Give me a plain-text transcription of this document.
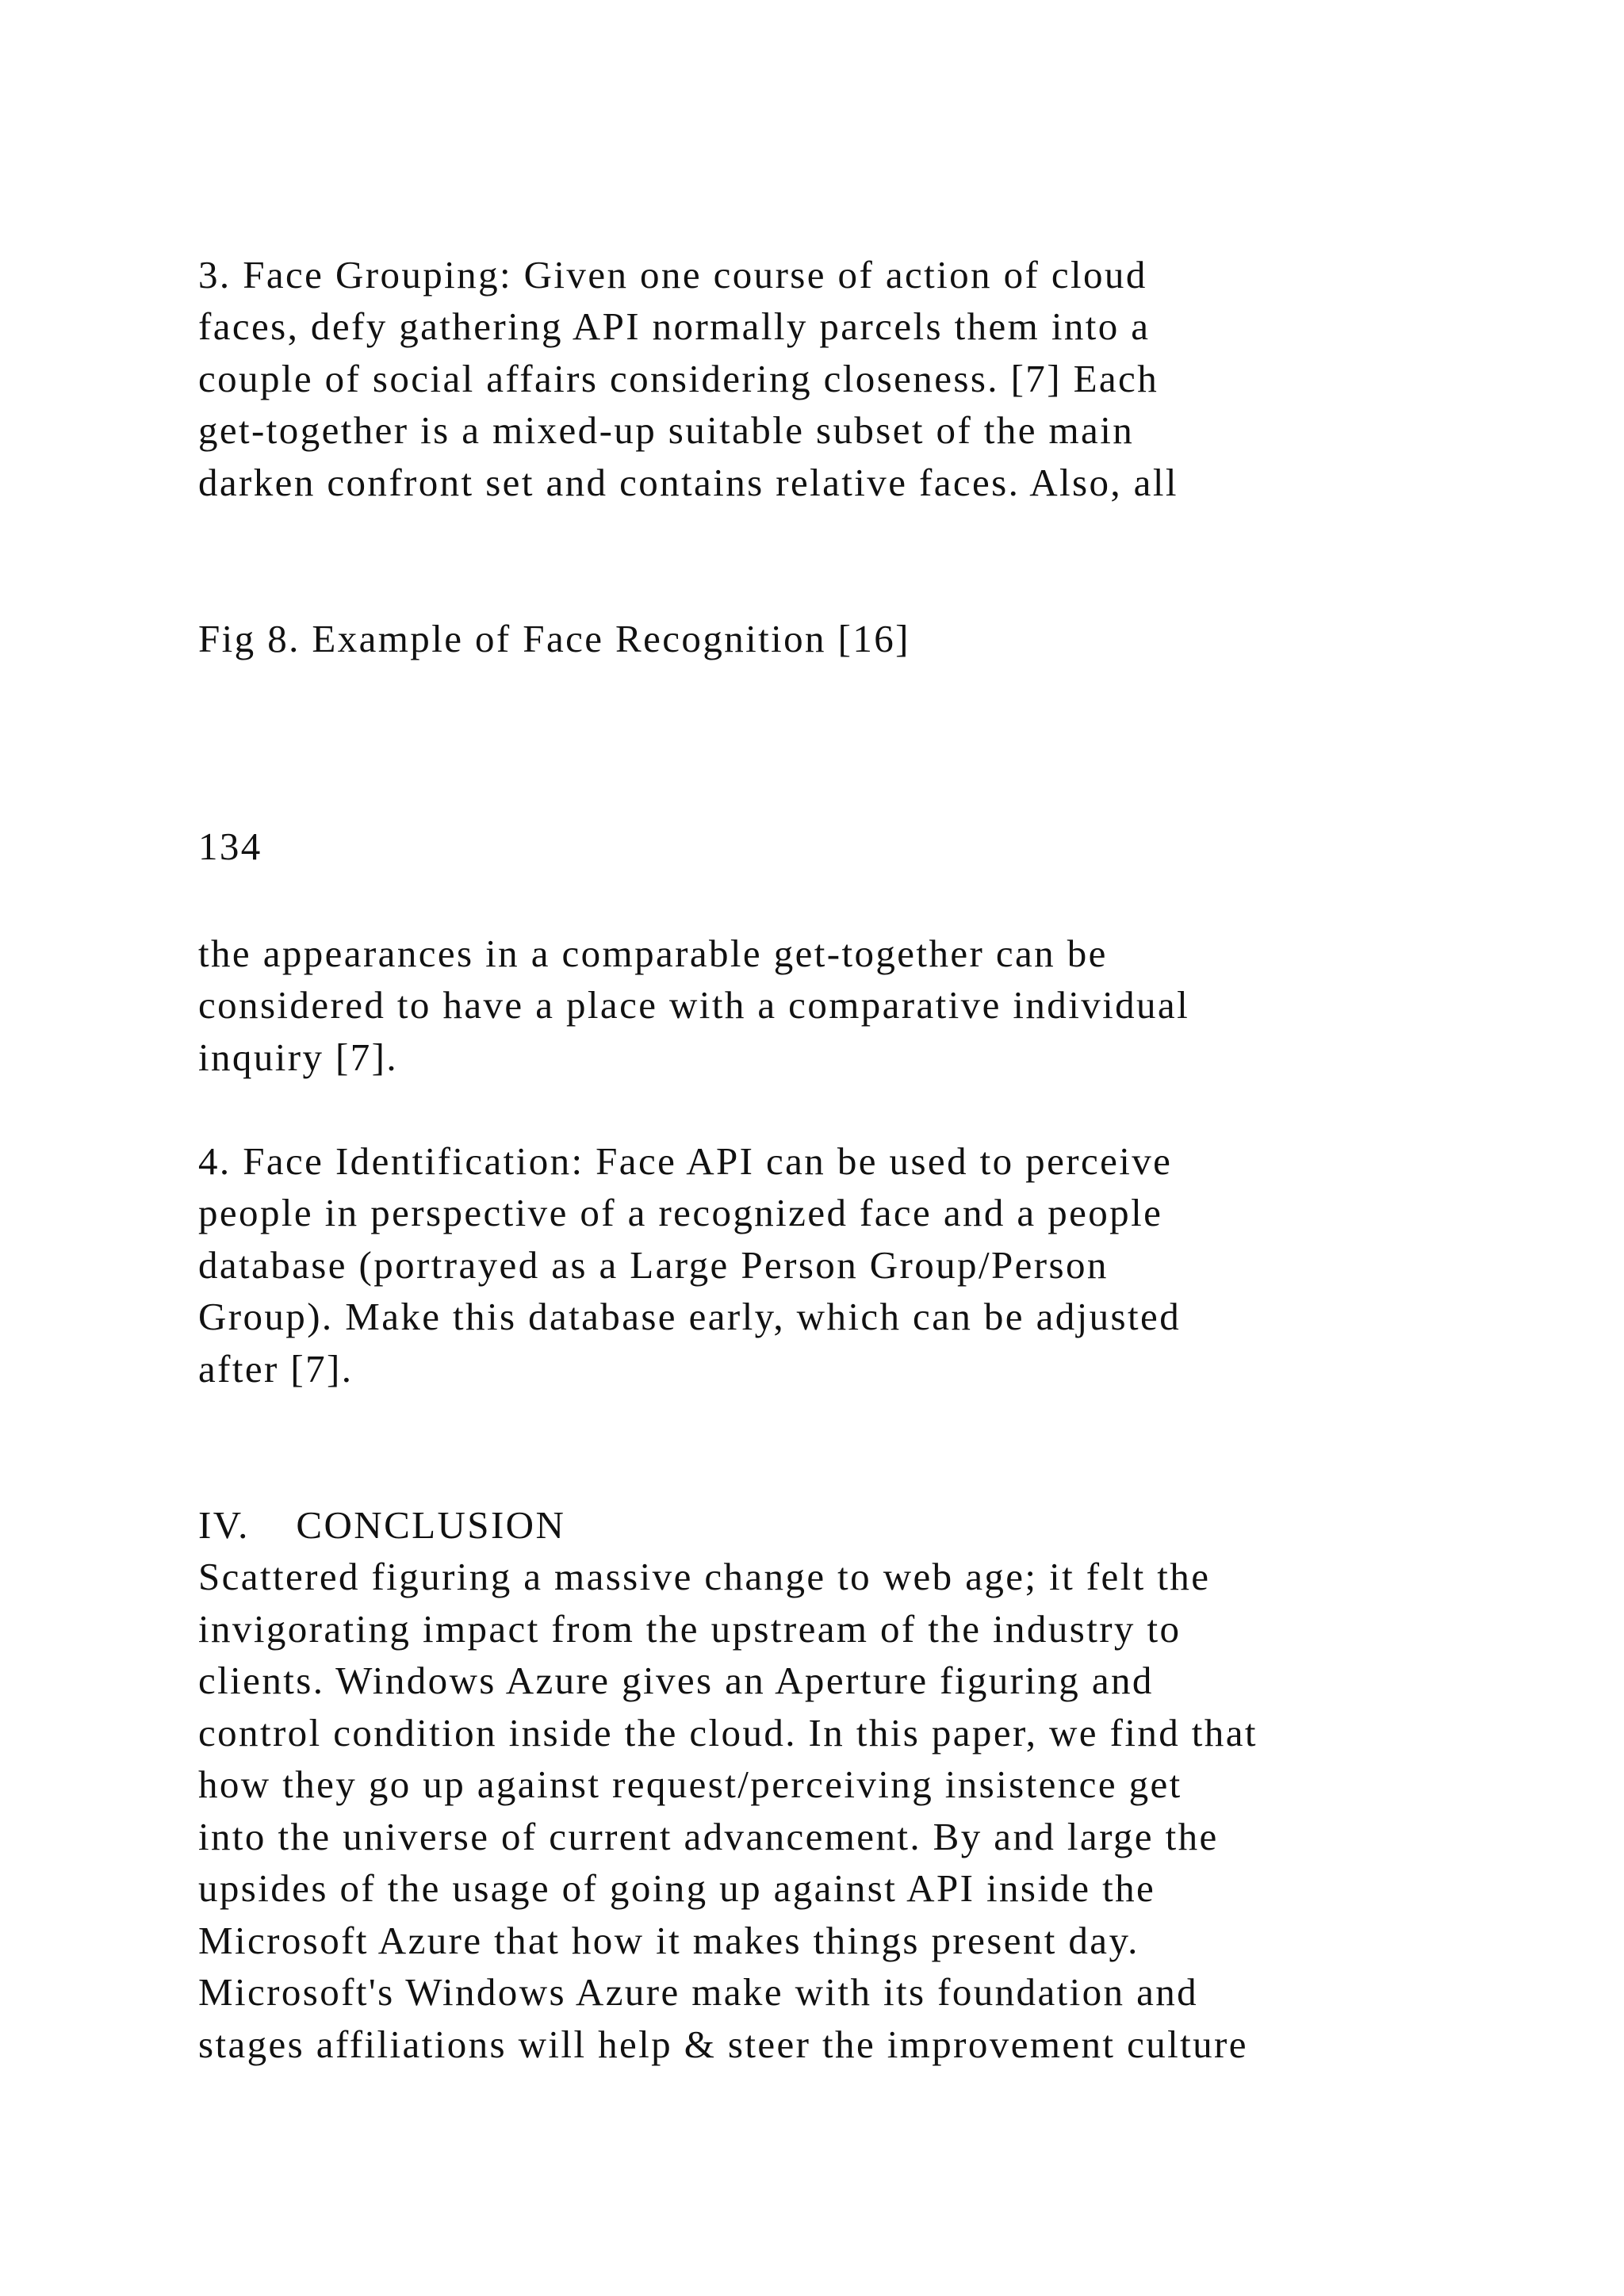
3. Face Grouping: Given one course of action of cloud
faces, defy gathering API normally parcels them into a
couple of social affairs considering closeness. [7] Each
get-together is a mixed-up suitable subset of the main
darken confront set and contains relative faces. Also, all
Fig 8. Example of Face Recognition [16]
134
the appearances in a comparable get-together can be
considered to have a place with a comparative individual
inquiry [7].
4. Face Identification: Face API can be used to perceive
people in perspective of a recognized face and a people
database (portrayed as a Large Person Group/Person
Group). Make this database early, which can be adjusted
after [7].
IV.    CONCLUSION
Scattered figuring a massive change to web age; it felt the
invigorating impact from the upstream of the industry to
clients. Windows Azure gives an Aperture figuring and
control condition inside the cloud. In this paper, we find that
how they go up against request/perceiving insistence get
into the universe of current advancement. By and large the
upsides of the usage of going up against API inside the
Microsoft Azure that how it makes things present day.
Microsoft's Windows Azure make with its foundation and
stages affiliations will help & steer the improvement culture
